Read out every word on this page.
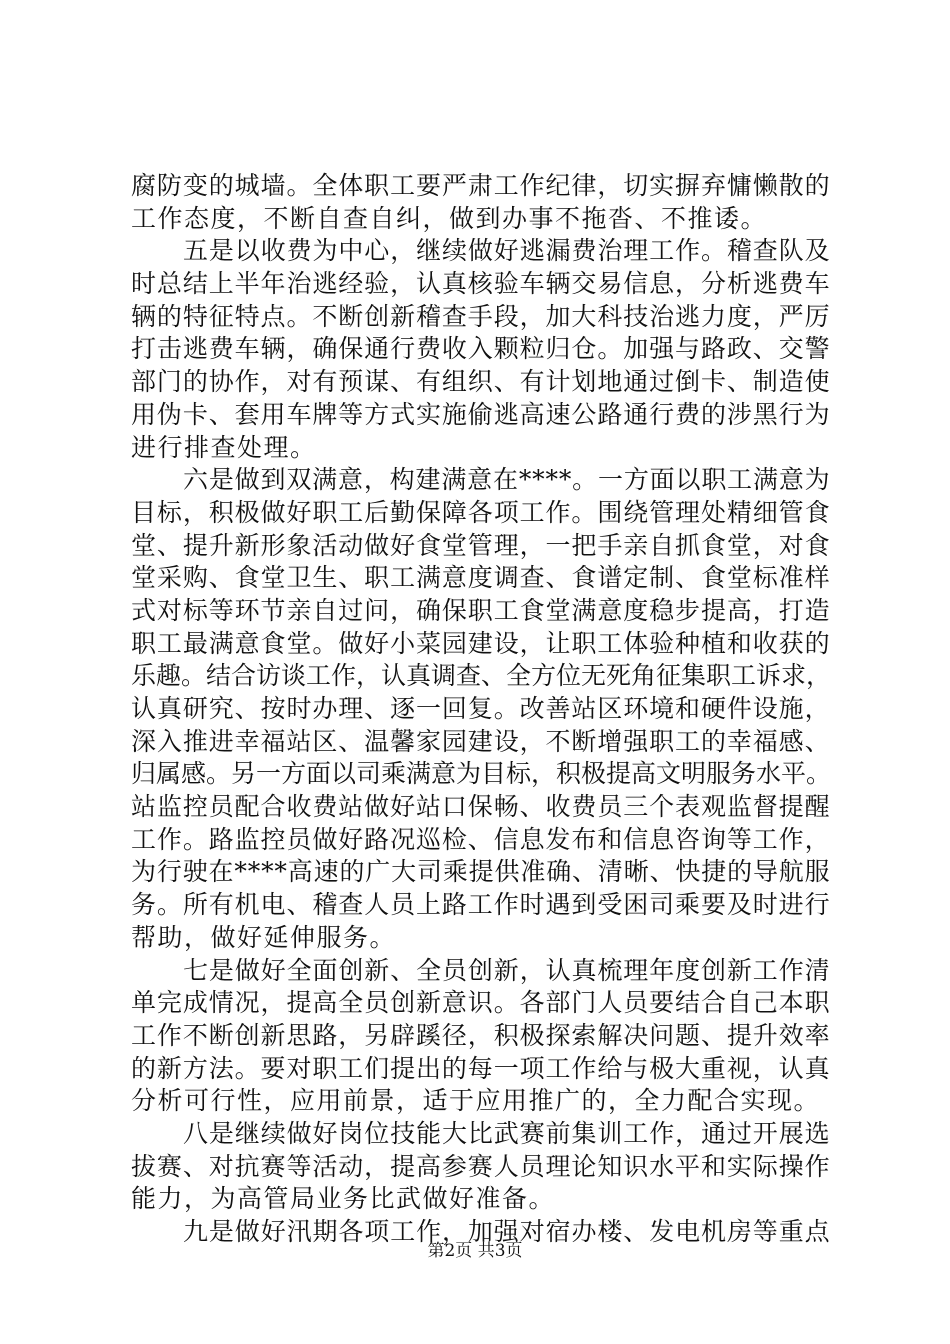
腐防变的城墙。全体职工要严肃工作纪律，切实摒弃慵懒散的
工作态度，不断自查自纠，做到办事不拖沓、不推诿。
五是以收费为中心，继续做好逃漏费治理工作。稽查队及
时总结上半年治逃经验，认真核验车辆交易信息，分析逃费车
辆的特征特点。不断创新稽查手段，加大科技治逃力度，严厉
打击逃费车辆，确保通行费收入颗粒归仓。加强与路政、交警
部门的协作，对有预谋、有组织、有计划地通过倒卡、制造使
用伪卡、套用车牌等方式实施偷逃高速公路通行费的涉黑行为
进行排查处理。
六是做到双满意，构建满意在****。一方面以职工满意为
目标，积极做好职工后勤保障各项工作。围绕管理处精细管食
堂、提升新形象活动做好食堂管理，一把手亲自抓食堂，对食
堂采购、食堂卫生、职工满意度调查、食谱定制、食堂标准样
式对标等环节亲自过问，确保职工食堂满意度稳步提高，打造
职工最满意食堂。做好小菜园建设，让职工体验种植和收获的
乐趣。结合访谈工作，认真调查、全方位无死角征集职工诉求，
认真研究、按时办理、逐一回复。改善站区环境和硬件设施，
深入推进幸福站区、温馨家园建设，不断增强职工的幸福感、
归属感。另一方面以司乘满意为目标，积极提高文明服务水平。
站监控员配合收费站做好站口保畅、收费员三个表观监督提醒
工作。路监控员做好路况巡检、信息发布和信息咨询等工作，
为行驶在****高速的广大司乘提供准确、清晰、快捷的导航服
务。所有机电、稽查人员上路工作时遇到受困司乘要及时进行
帮助，做好延伸服务。
七是做好全面创新、全员创新，认真梳理年度创新工作清
单完成情况，提高全员创新意识。各部门人员要结合自己本职
工作不断创新思路，另辟蹊径，积极探索解决问题、提升效率
的新方法。要对职工们提出的每一项工作给与极大重视，认真
分析可行性，应用前景，适于应用推广的，全力配合实现。
八是继续做好岗位技能大比武赛前集训工作，通过开展选
拔赛、对抗赛等活动，提高参赛人员理论知识水平和实际操作
能力，为高管局业务比武做好准备。
九是做好汛期各项工作，加强对宿办楼、发电机房等重点
第2页 共3页
